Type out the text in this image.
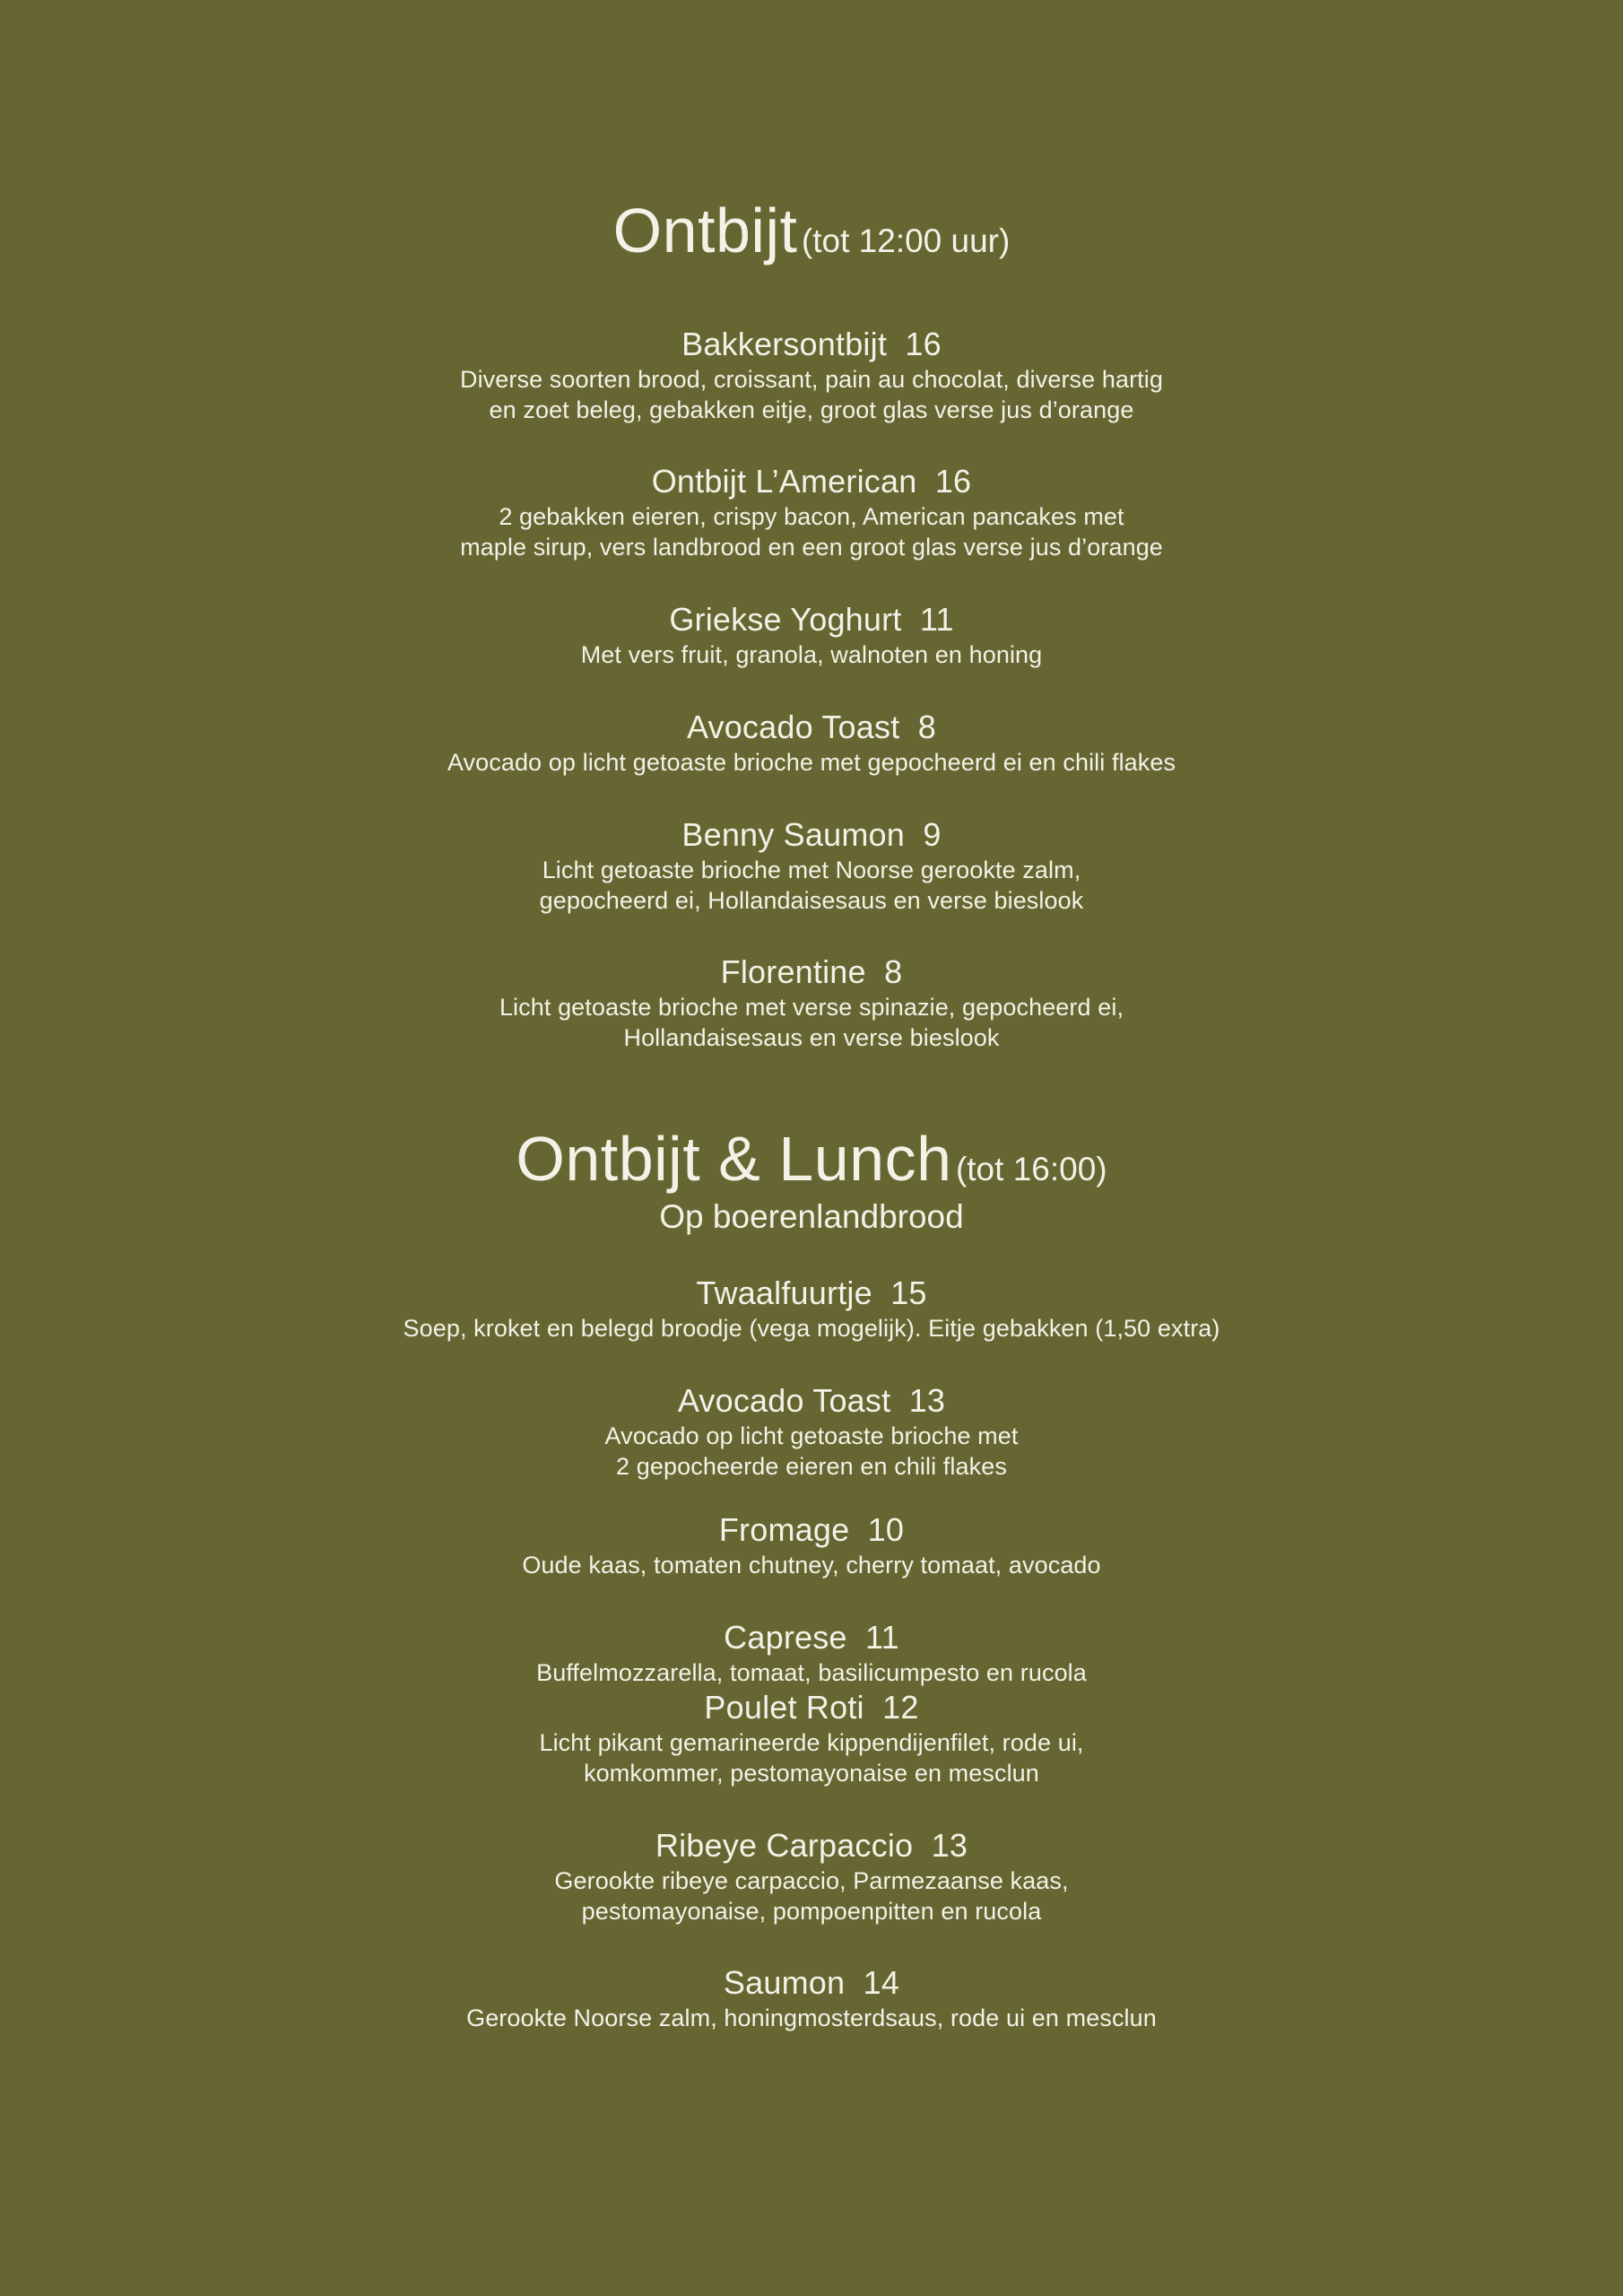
Ontbijt (tot 12:00 uur)
Bakkersontbijt  16
Diverse soorten brood, croissant, pain au chocolat, diverse hartig
en zoet beleg, gebakken eitje, groot glas verse jus d’orange
Ontbijt L’American  16
2 gebakken eieren, crispy bacon, American pancakes met
maple sirup, vers landbrood en een groot glas verse jus d’orange
Griekse Yoghurt  11
Met vers fruit, granola, walnoten en honing
Avocado Toast  8
Avocado op licht getoaste brioche met gepocheerd ei en chili flakes
Benny Saumon  9
Licht getoaste brioche met Noorse gerookte zalm,
gepocheerd ei, Hollandaisesaus en verse bieslook
Florentine  8
Licht getoaste brioche met verse spinazie, gepocheerd ei,
Hollandaisesaus en verse bieslook
Ontbijt & Lunch (tot 16:00)
Op boerenlandbrood
Twaalfuurtje  15
Soep, kroket en belegd broodje (vega mogelijk). Eitje gebakken (1,50 extra)
Avocado Toast  13
Avocado op licht getoaste brioche met
2 gepocheerde eieren en chili flakes
Fromage  10
Oude kaas, tomaten chutney, cherry tomaat, avocado
Caprese  11
Buffelmozzarella, tomaat, basilicumpesto en rucola
Poulet Roti  12
Licht pikant gemarineerde kippendijenfilet, rode ui,
komkommer, pestomayonaise en mesclun
Ribeye Carpaccio  13
Gerookte ribeye carpaccio, Parmezaanse kaas,
pestomayonaise, pompoenpitten en rucola
Saumon  14
Gerookte Noorse zalm, honingmosterdsaus, rode ui en mesclun
